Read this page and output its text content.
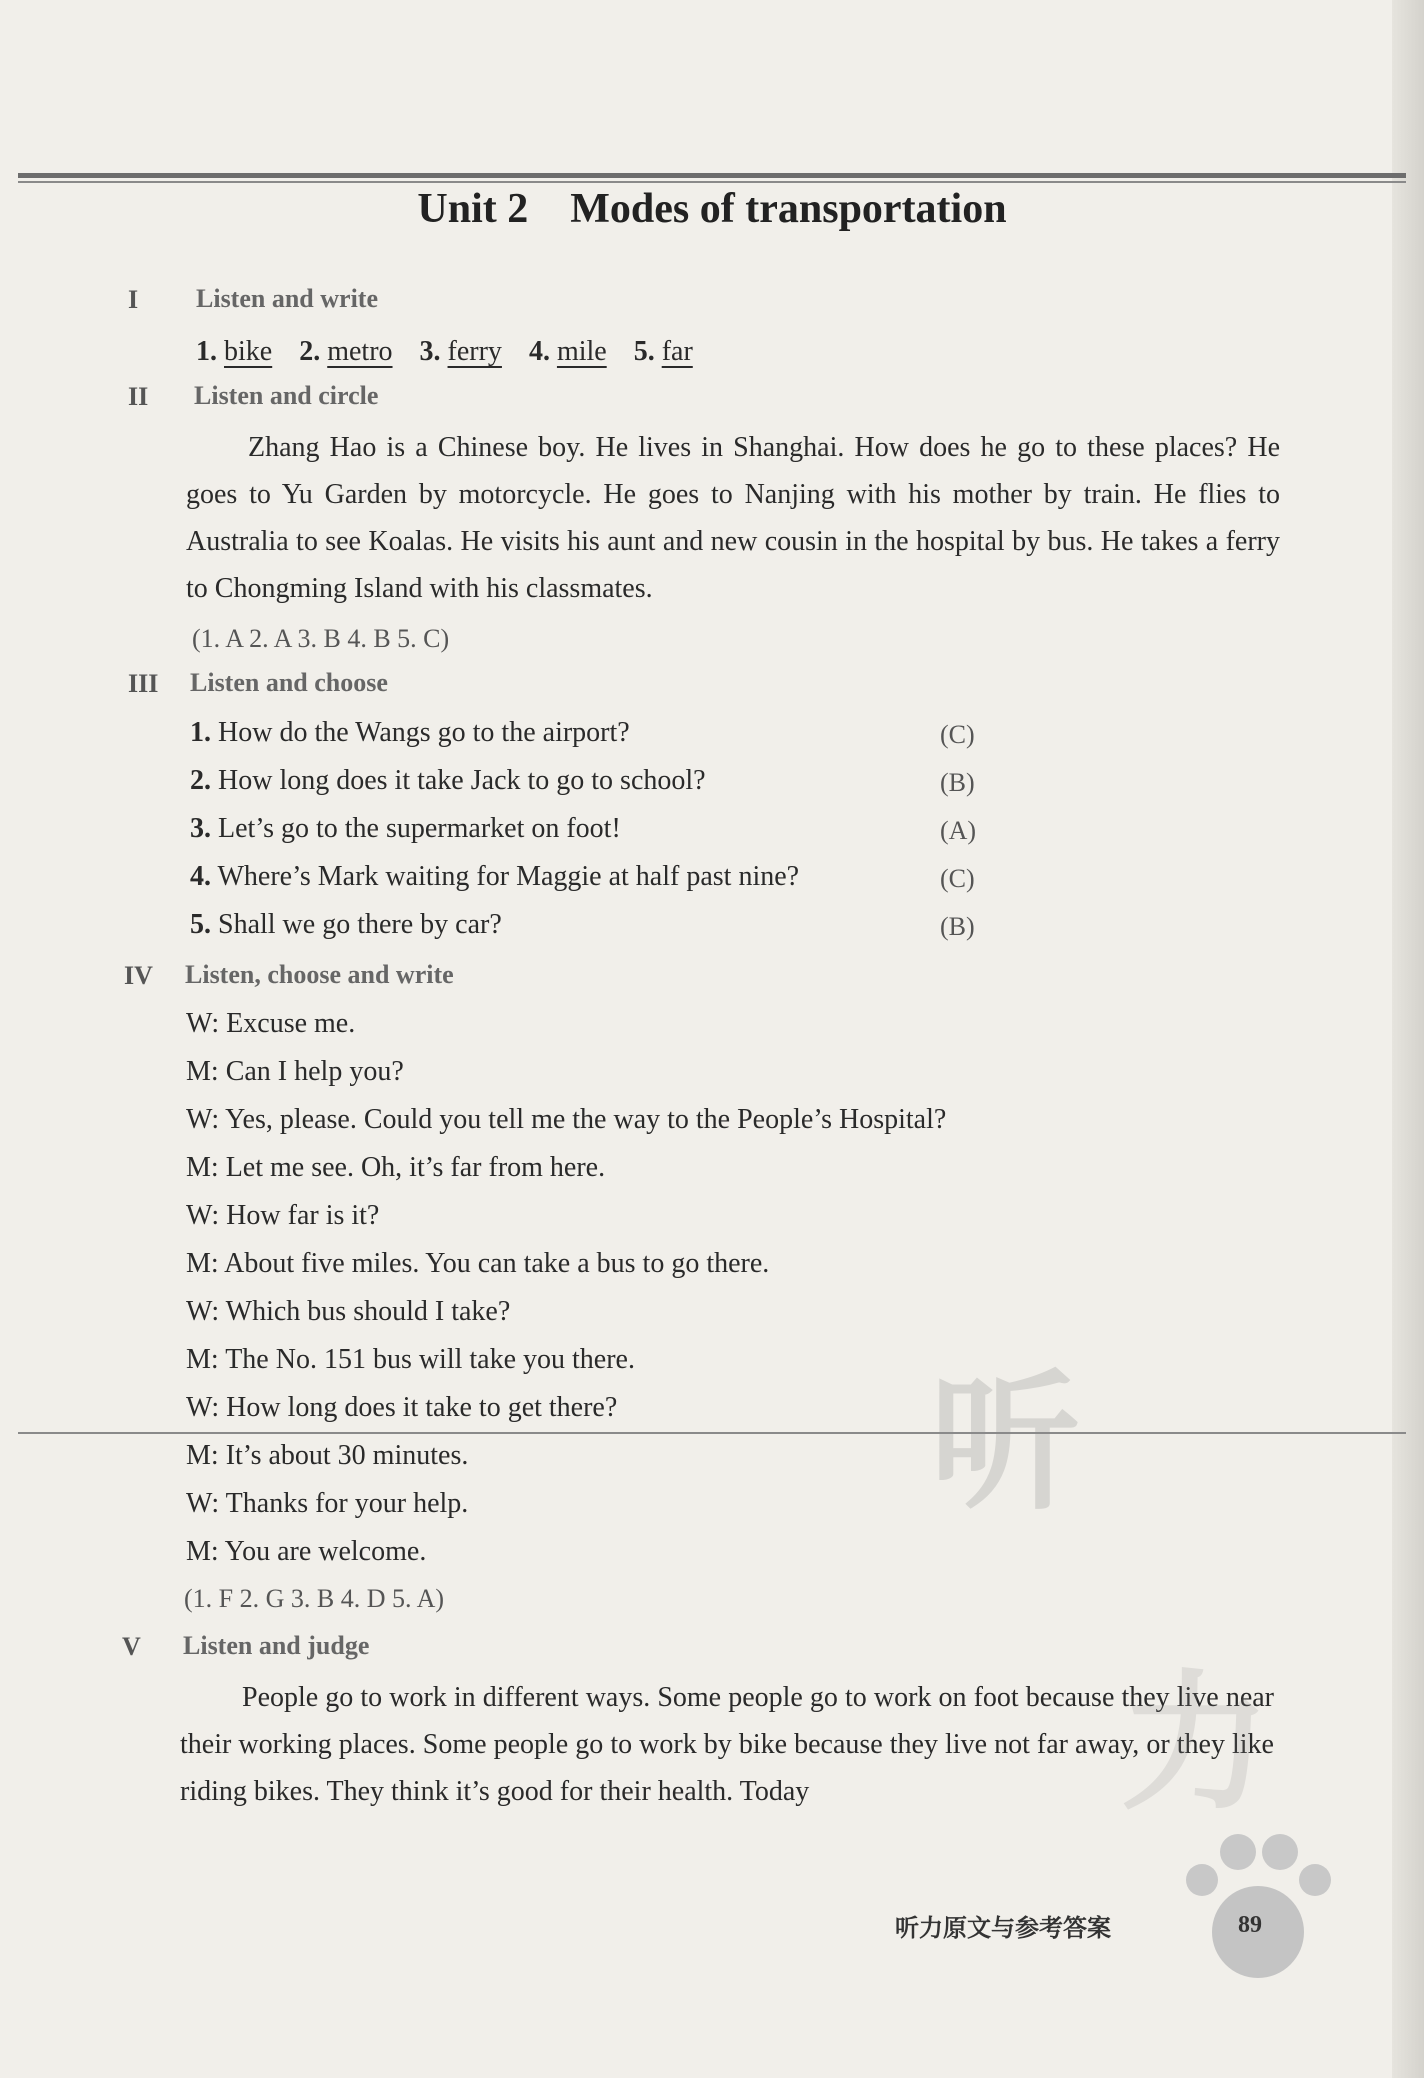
Unit 2 Modes of transportation
I Listen and write
1. bike 2. metro 3. ferry 4. mile 5. far
II Listen and circle

Zhang Hao is a Chinese boy. He lives in Shanghai. How does he go to these places? He goes to Yu Garden by motorcycle. He goes to Nanjing with his mother by train. He flies to Australia to see Koalas. He visits his aunt and new cousin in the hospital by bus. He takes a ferry to Chongming Island with his classmates.

(1. A 2. A 3. B 4. B 5. C)
III Listen and choose
1. How do the Wangs go to the airport?	(C)
2. How long does it take Jack to go to school?	(B)
3. Let’s go to the supermarket on foot!	(A)
4. Where’s Mark waiting for Maggie at half past nine?	(C)
5. Shall we go there by car?	(B)
IV Listen, choose and write
W: Excuse me.
M: Can I help you?
W: Yes, please. Could you tell me the way to the People’s Hospital?
M: Let me see. Oh, it’s far from here.
W: How far is it?
M: About five miles. You can take a bus to go there.
W: Which bus should I take?
M: The No. 151 bus will take you there.
W: How long does it take to get there?
M: It’s about 30 minutes.
W: Thanks for your help.
M: You are welcome.
(1. F 2. G 3. B 4. D 5. A)
V Listen and judge

People go to work in different ways. Some people go to work on foot because they live near their working places. Some people go to work by bike because they live not far away, or they like riding bikes. They think it’s good for their health. Today

听
力
听力原文与参考答案	89
